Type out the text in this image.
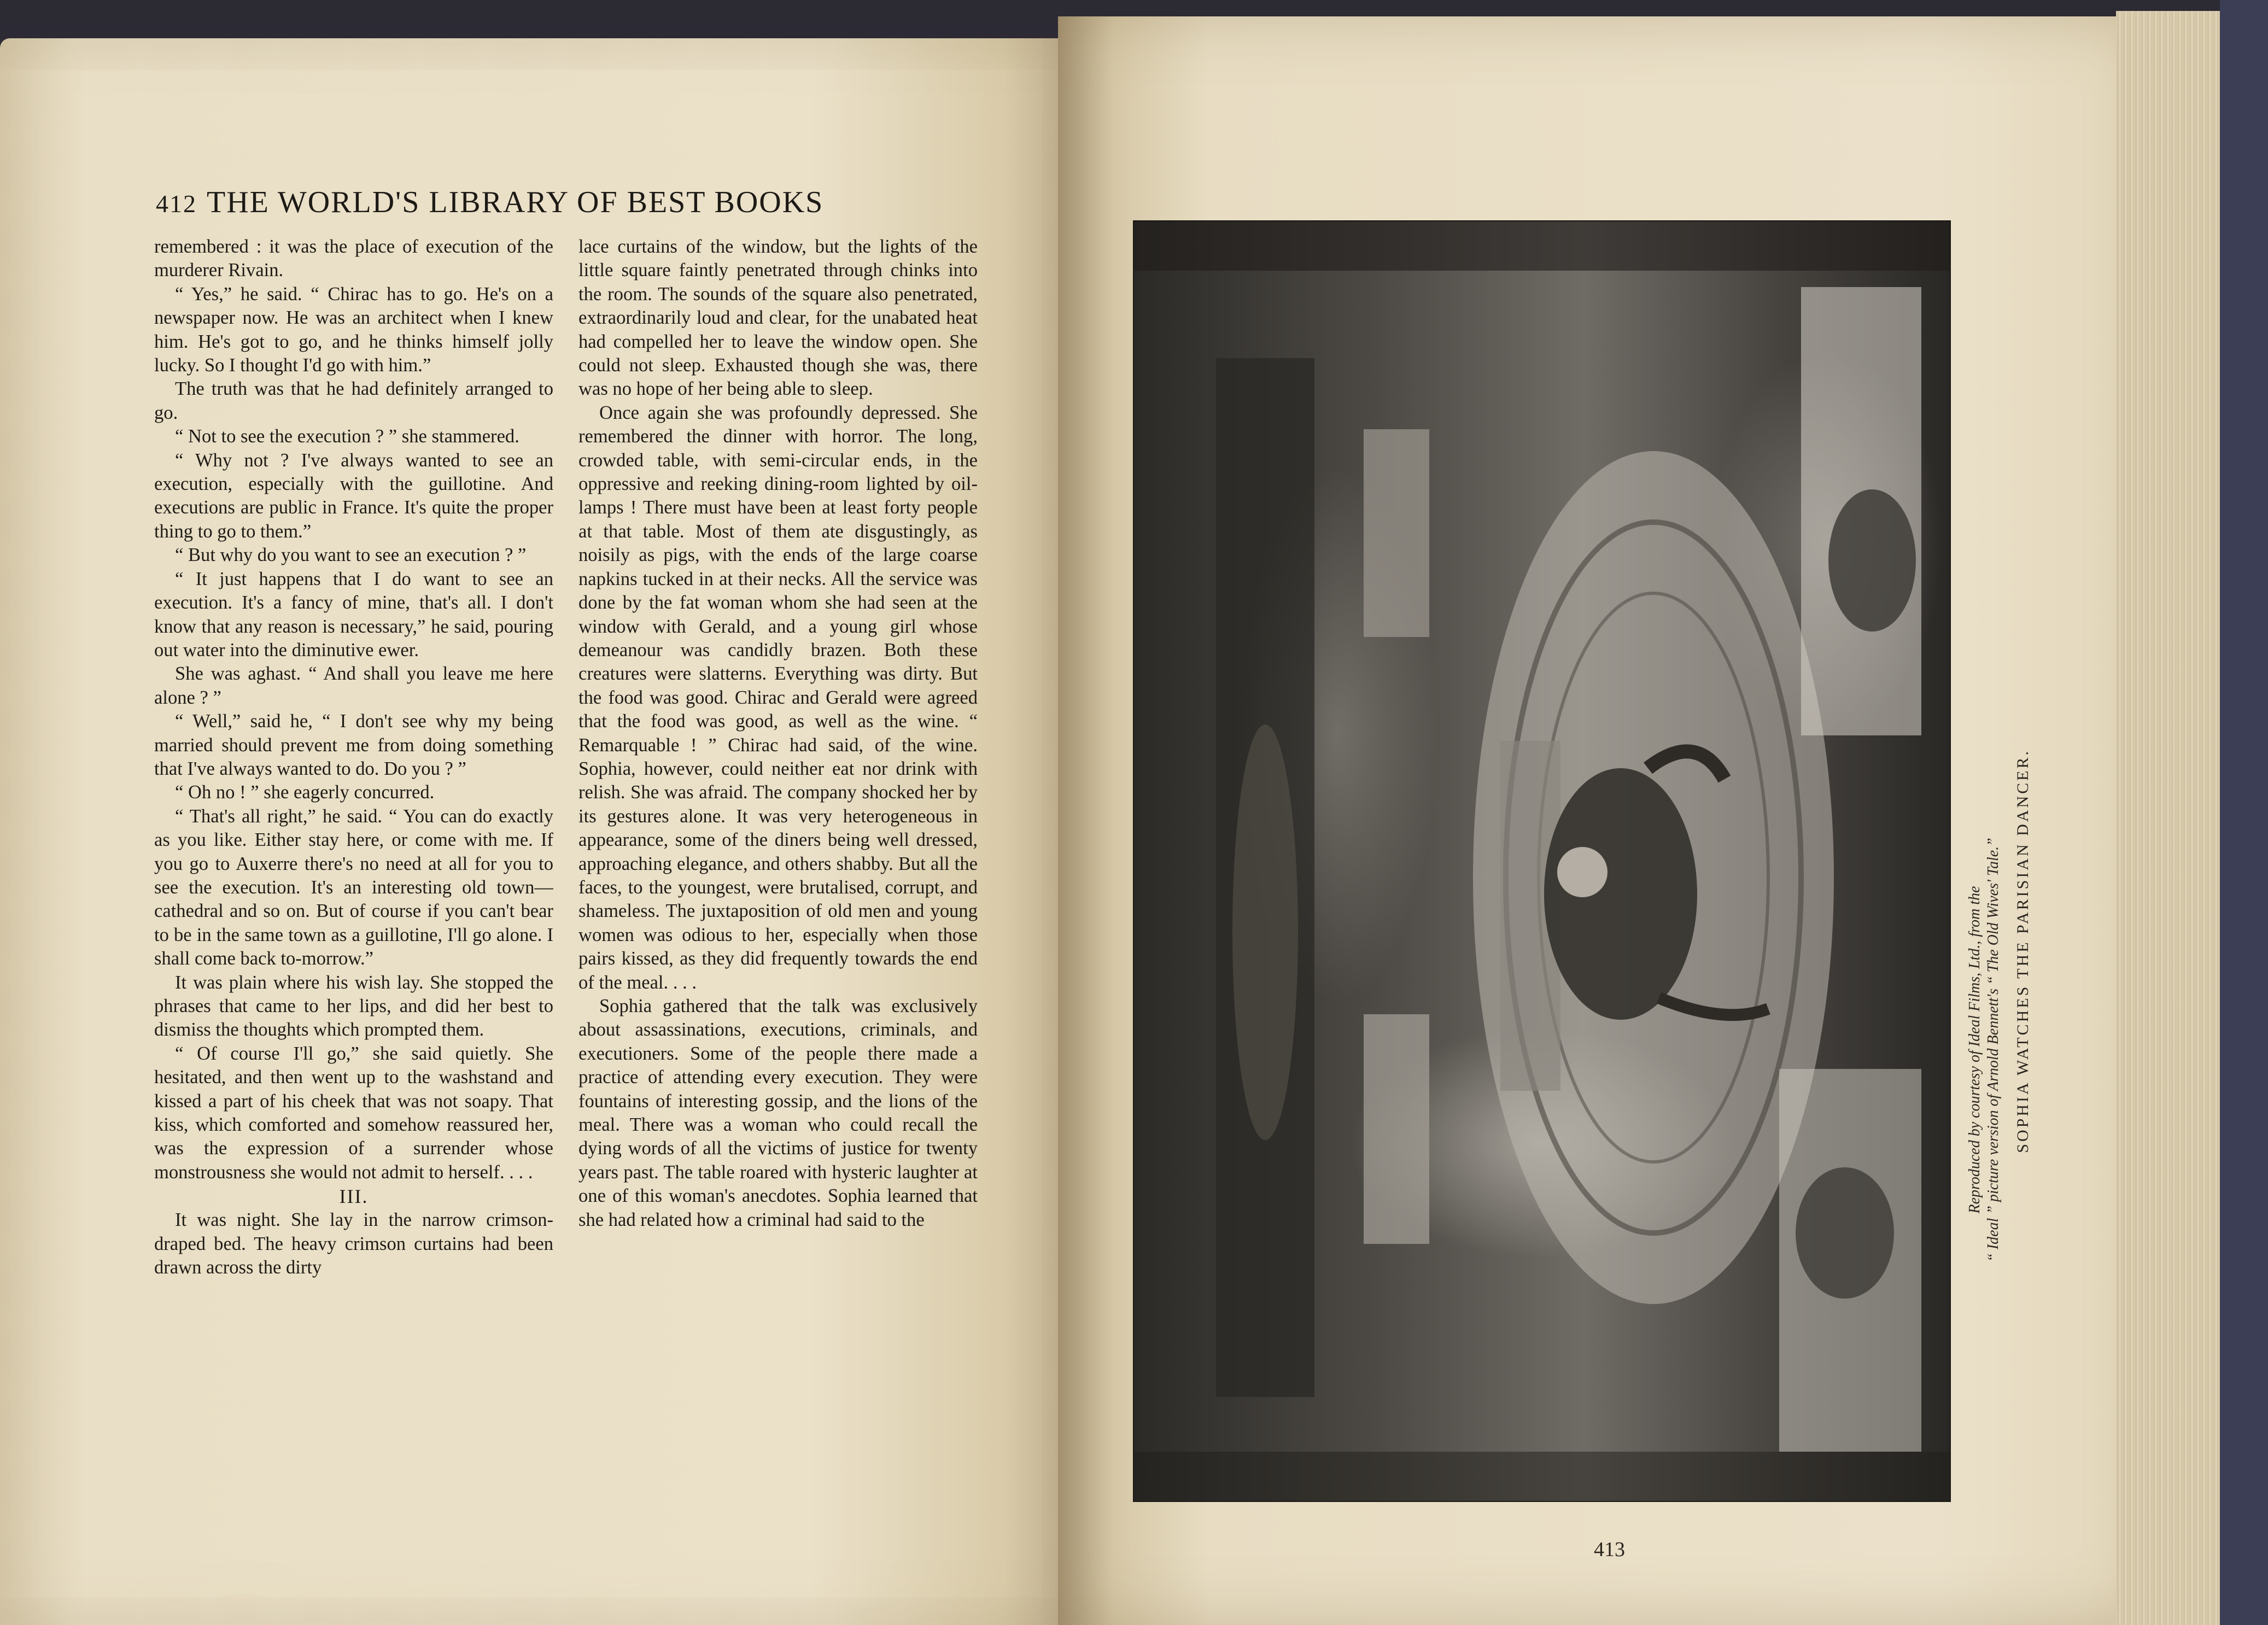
412 THE WORLD'S LIBRARY OF BEST BOOKS

remembered : it was the place of execution of the murderer Rivain.

“ Yes,” he said. “ Chirac has to go. He's on a newspaper now. He was an architect when I knew him. He's got to go, and he thinks himself jolly lucky. So I thought I'd go with him.”

The truth was that he had definitely arranged to go.

“ Not to see the execution ? ” she stammered.

“ Why not ? I've always wanted to see an execution, especially with the guillotine. And executions are public in France. It's quite the proper thing to go to them.”

“ But why do you want to see an execution ? ”

“ It just happens that I do want to see an execution. It's a fancy of mine, that's all. I don't know that any reason is necessary,” he said, pouring out water into the diminutive ewer.

She was aghast. “ And shall you leave me here alone ? ”

“ Well,” said he, “ I don't see why my being married should prevent me from doing something that I've always wanted to do. Do you ? ”

“ Oh no ! ” she eagerly concurred.

“ That's all right,” he said. “ You can do exactly as you like. Either stay here, or come with me. If you go to Auxerre there's no need at all for you to see the execution. It's an interesting old town—cathedral and so on. But of course if you can't bear to be in the same town as a guillotine, I'll go alone. I shall come back to-morrow.”

It was plain where his wish lay. She stopped the phrases that came to her lips, and did her best to dismiss the thoughts which prompted them.

“ Of course I'll go,” she said quietly. She hesitated, and then went up to the washstand and kissed a part of his cheek that was not soapy. That kiss, which comforted and somehow reassured her, was the expression of a surrender whose monstrousness she would not admit to herself. . . .

III.

It was night. She lay in the narrow crimson-draped bed. The heavy crimson curtains had been drawn across the dirty

lace curtains of the window, but the lights of the little square faintly penetrated through chinks into the room. The sounds of the square also penetrated, extraordinarily loud and clear, for the unabated heat had compelled her to leave the window open. She could not sleep. Exhausted though she was, there was no hope of her being able to sleep.

Once again she was profoundly depressed. She remembered the dinner with horror. The long, crowded table, with semi-circular ends, in the oppressive and reeking dining-room lighted by oil-lamps ! There must have been at least forty people at that table. Most of them ate disgustingly, as noisily as pigs, with the ends of the large coarse napkins tucked in at their necks. All the service was done by the fat woman whom she had seen at the window with Gerald, and a young girl whose demeanour was candidly brazen. Both these creatures were slatterns. Everything was dirty. But the food was good. Chirac and Gerald were agreed that the food was good, as well as the wine. “ Remarquable ! ” Chirac had said, of the wine. Sophia, however, could neither eat nor drink with relish. She was afraid. The company shocked her by its gestures alone. It was very heterogeneous in appearance, some of the diners being well dressed, approaching elegance, and others shabby. But all the faces, to the youngest, were brutalised, corrupt, and shameless. The juxtaposition of old men and young women was odious to her, especially when those pairs kissed, as they did frequently towards the end of the meal. . . .

Sophia gathered that the talk was exclusively about assassinations, executions, criminals, and executioners. Some of the people there made a practice of attending every execution. They were fountains of interesting gossip, and the lions of the meal. There was a woman who could recall the dying words of all the victims of justice for twenty years past. The table roared with hysteric laughter at one of this woman's anecdotes. Sophia learned that she had related how a criminal had said to the

Reproduced by courtesy of Ideal Films, Ltd., from the “ Ideal ” picture version of Arnold Bennett's “ The Old Wives' Tale.” SOPHIA WATCHES THE PARISIAN DANCER.
413
